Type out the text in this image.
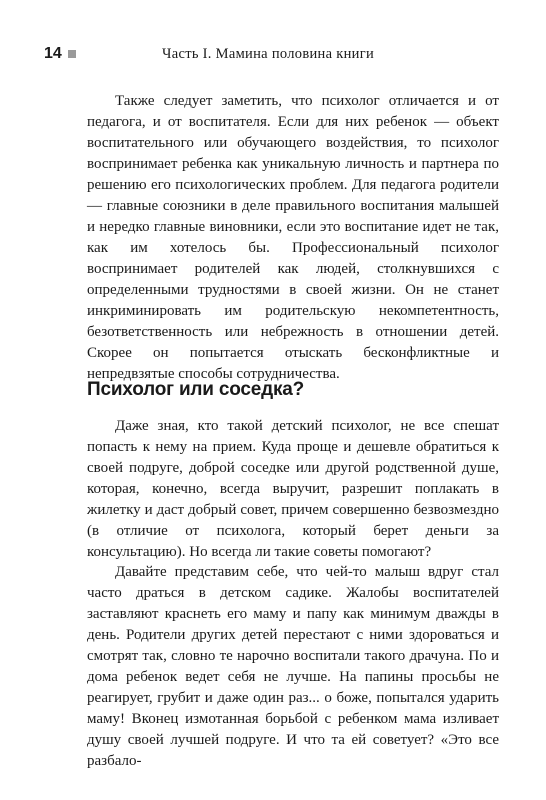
14	Часть I. Мамина половина книги

Также следует заметить, что психолог отличается и от педагога, и от воспитателя. Если для них ребенок — объект воспитательного или обучающего воздействия, то психолог воспринимает ребенка как уникальную личность и партнера по решению его психологических проблем. Для педагога родители — главные союзники в деле правильного воспитания малышей и нередко главные виновники, если это воспитание идет не так, как им хотелось бы. Профессиональный психолог воспринимает родителей как людей, столкнувшихся с определенными трудностями в своей жизни. Он не станет инкриминировать им родительскую некомпетентность, безответственность или небрежность в отношении детей. Скорее он попытается отыскать бесконфликтные и непредвзятые способы сотрудничества.

Психолог или соседка?

Даже зная, кто такой детский психолог, не все спешат попасть к нему на прием. Куда проще и дешевле обратиться к своей подруге, доброй соседке или другой родственной душе, которая, конечно, всегда выручит, разрешит поплакать в жилетку и даст добрый совет, причем совершенно безвозмездно (в отличие от психолога, который берет деньги за консультацию). Но всегда ли такие советы помогают?

Давайте представим себе, что чей-то малыш вдруг стал часто драться в детском садике. Жалобы воспитателей заставляют краснеть его маму и папу как минимум дважды в день. Родители других детей перестают с ними здороваться и смотрят так, словно те нарочно воспитали такого драчуна. По и дома ребенок ведет себя не лучше. На папины просьбы не реагирует, грубит и даже один раз... о боже, попытался ударить маму! Вконец измотанная борьбой с ребенком мама изливает душу своей лучшей подруге. И что та ей советует? «Это все разбало-
